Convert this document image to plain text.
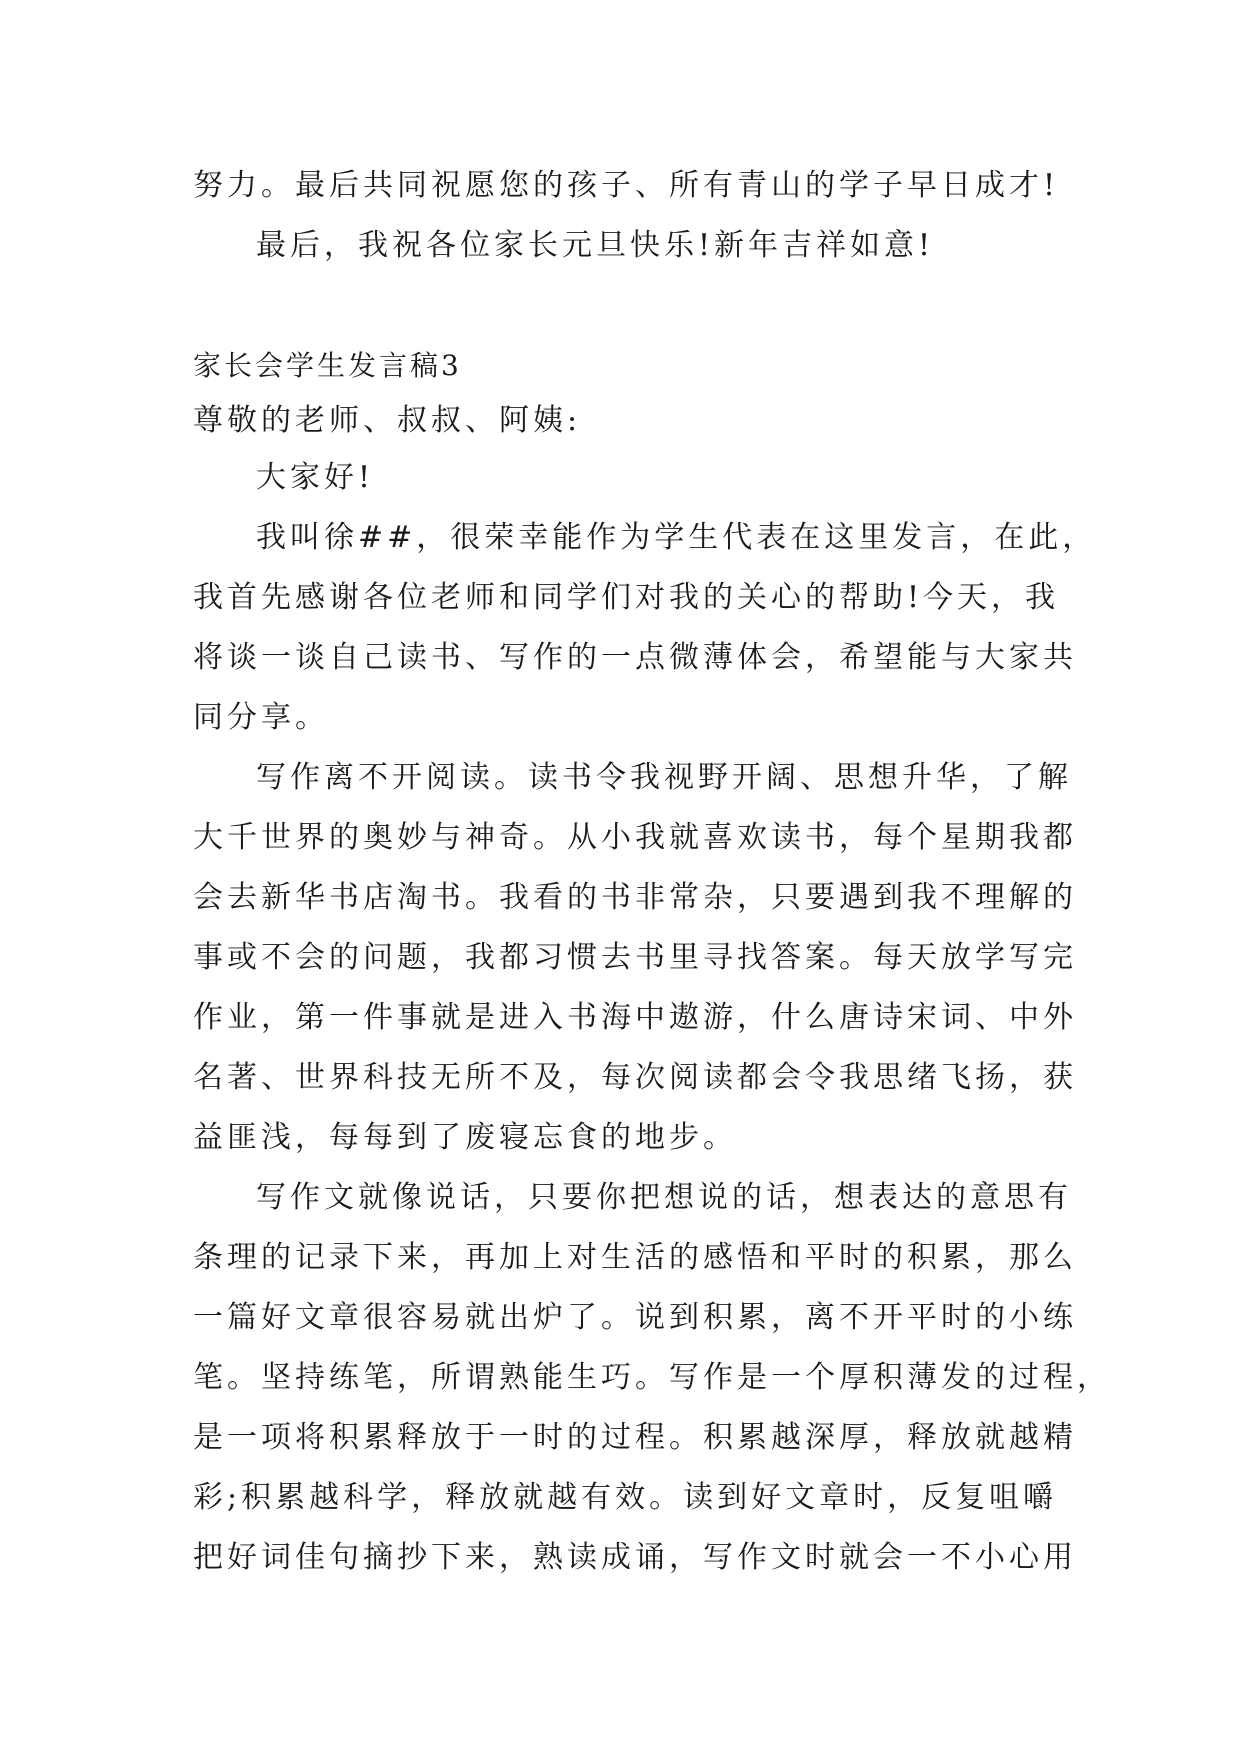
努力。最后共同祝愿您的孩子、所有青山的学子早日成才!
最后，我祝各位家长元旦快乐!新年吉祥如意!
家长会学生发言稿3
尊敬的老师、叔叔、阿姨:
大家好!
我叫徐##，很荣幸能作为学生代表在这里发言，在此，
我首先感谢各位老师和同学们对我的关心的帮助!今天，我
将谈一谈自己读书、写作的一点微薄体会，希望能与大家共
同分享。
写作离不开阅读。读书令我视野开阔、思想升华，了解
大千世界的奥妙与神奇。从小我就喜欢读书，每个星期我都
会去新华书店淘书。我看的书非常杂，只要遇到我不理解的
事或不会的问题，我都习惯去书里寻找答案。每天放学写完
作业，第一件事就是进入书海中遨游，什么唐诗宋词、中外
名著、世界科技无所不及，每次阅读都会令我思绪飞扬，获
益匪浅，每每到了废寝忘食的地步。
写作文就像说话，只要你把想说的话，想表达的意思有
条理的记录下来，再加上对生活的感悟和平时的积累，那么
一篇好文章很容易就出炉了。说到积累，离不开平时的小练
笔。坚持练笔，所谓熟能生巧。写作是一个厚积薄发的过程，
是一项将积累释放于一时的过程。积累越深厚，释放就越精
彩;积累越科学，释放就越有效。读到好文章时，反复咀嚼
把好词佳句摘抄下来，熟读成诵，写作文时就会一不小心用
